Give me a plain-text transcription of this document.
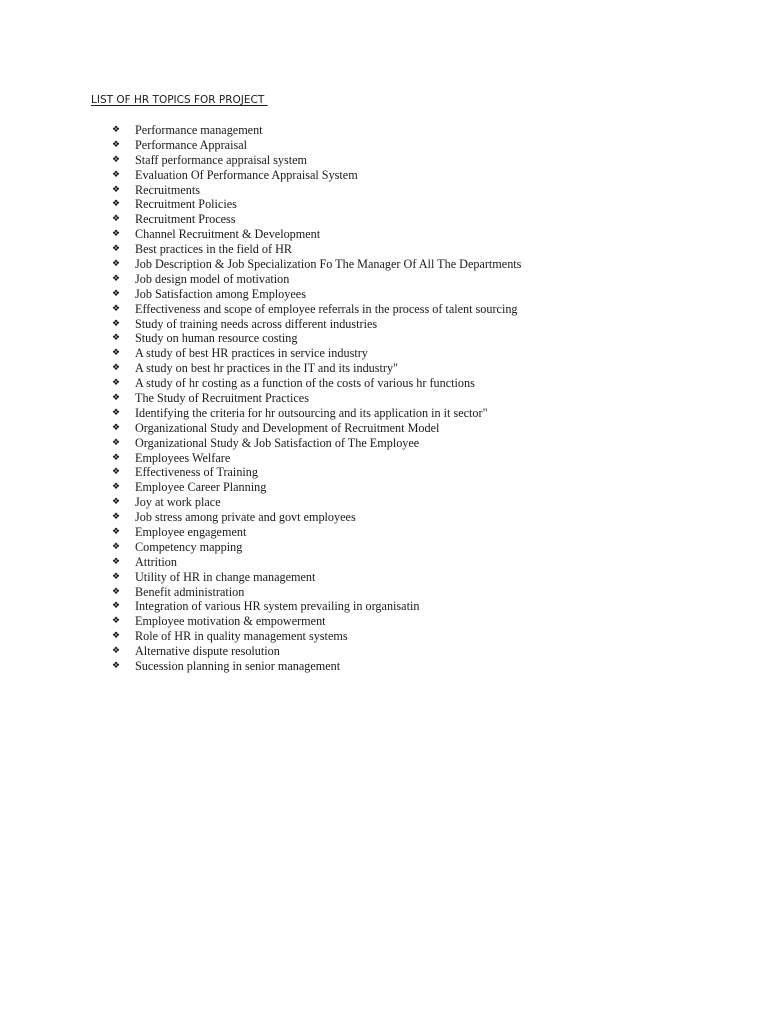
LIST OF HR TOPICS FOR PROJECT
❖	Performance management
❖	Performance Appraisal
❖	Staff performance appraisal system
❖	Evaluation Of Performance Appraisal System
❖	Recruitments
❖	Recruitment Policies
❖	Recruitment Process
❖	Channel Recruitment & Development
❖	Best practices in the field of HR
❖	Job Description & Job Specialization Fo The Manager Of All The Departments
❖	Job design model of motivation
❖	Job Satisfaction among Employees
❖	Effectiveness and scope of employee referrals in the process of talent sourcing
❖	Study of training needs across different industries
❖	Study on human resource costing
❖	A study of best HR practices in service industry
❖	A study on best hr practices in the IT and its industry"
❖	A study of hr costing as a function of the costs of various hr functions
❖	The Study of Recruitment Practices
❖	Identifying the criteria for hr outsourcing and its application in it sector"
❖	Organizational Study and Development of Recruitment Model
❖	Organizational Study & Job Satisfaction of The Employee
❖	Employees Welfare
❖	Effectiveness of Training
❖	Employee Career Planning
❖	Joy at work place
❖	Job stress among private and govt employees
❖	Employee engagement
❖	Competency mapping
❖	Attrition
❖	Utility of HR in change management
❖	Benefit administration
❖	Integration of various HR system prevailing in organisatin
❖	Employee motivation & empowerment
❖	Role of HR in quality management systems
❖	Alternative dispute resolution
❖	Sucession planning in senior management
